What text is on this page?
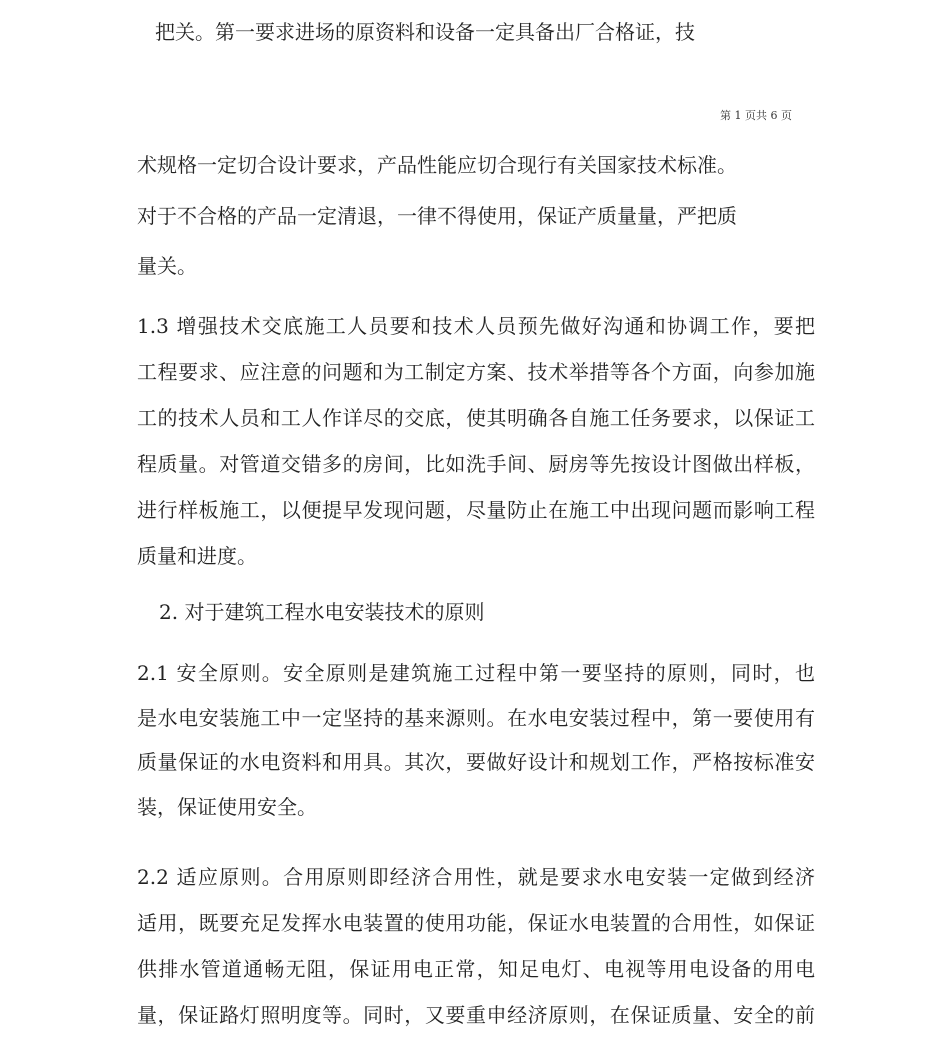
把关。第一要求进场的原资料和设备一定具备出厂合格证，技
第 1 页共 6 页
术规格一定切合设计要求，产品性能应切合现行有关国家技术标准。
对于不合格的产品一定清退，一律不得使用，保证产质量量，严把质
量关。
1.3 增强技术交底施工人员要和技术人员预先做好沟通和协调工作，要把
工程要求、应注意的问题和为工制定方案、技术举措等各个方面，向参加施
工的技术人员和工人作详尽的交底，使其明确各自施工任务要求，以保证工
程质量。对管道交错多的房间，比如洗手间、厨房等先按设计图做出样板，
进行样板施工，以便提早发现问题，尽量防止在施工中出现问题而影响工程
质量和进度。
2. 对于建筑工程水电安装技术的原则
2.1 安全原则。安全原则是建筑施工过程中第一要坚持的原则，同时，也
是水电安装施工中一定坚持的基来源则。在水电安装过程中，第一要使用有
质量保证的水电资料和用具。其次，要做好设计和规划工作，严格按标准安
装，保证使用安全。
2.2 适应原则。合用原则即经济合用性，就是要求水电安装一定做到经济
适用，既要充足发挥水电装置的使用功能，保证水电装置的合用性，如保证
供排水管道通畅无阻，保证用电正常，知足电灯、电视等用电设备的用电
量，保证路灯照明度等。同时，又要重申经济原则，在保证质量、安全的前
